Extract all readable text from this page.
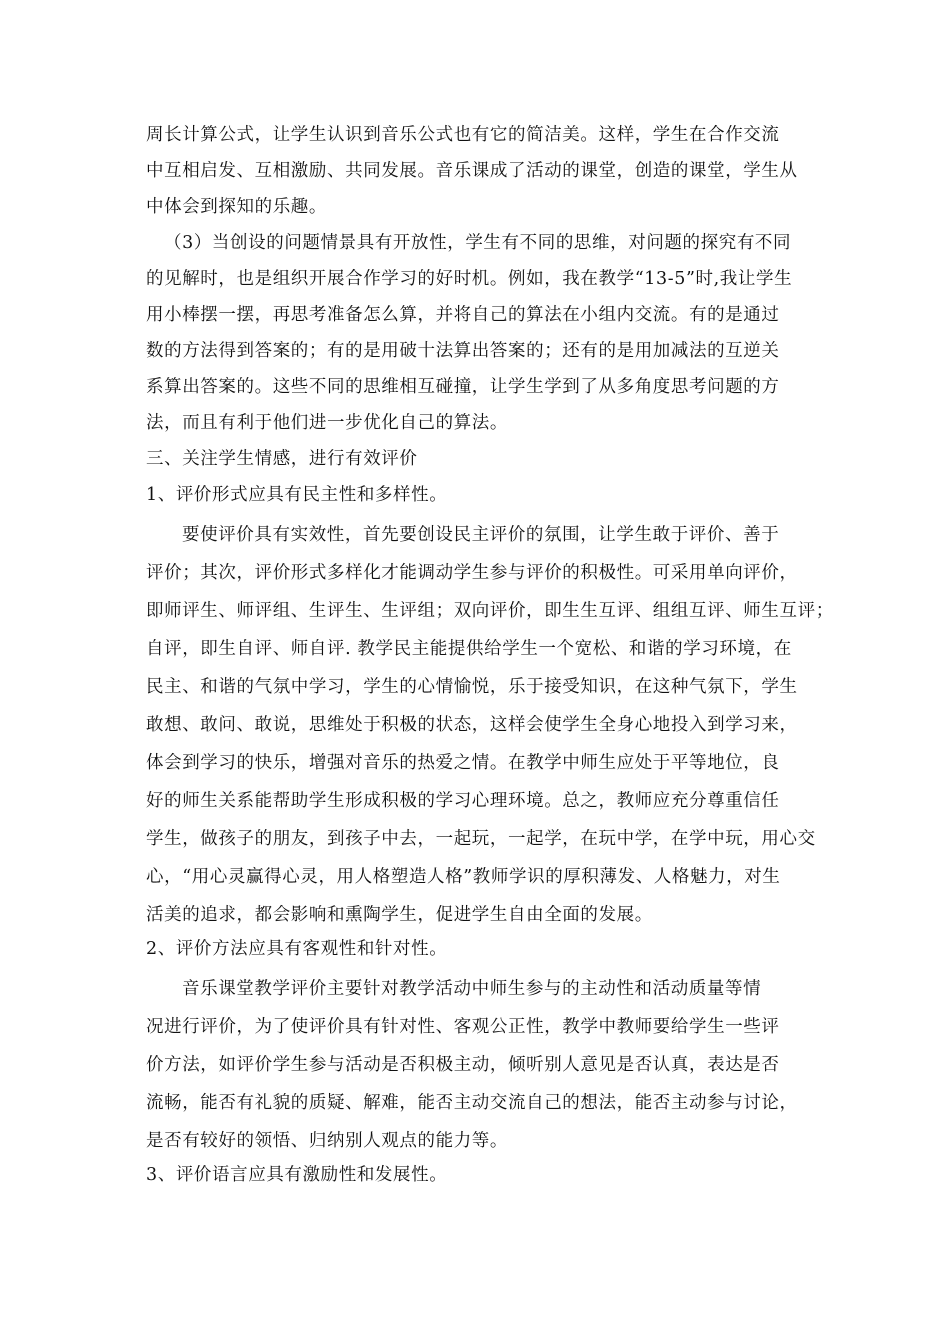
周长计算公式，让学生认识到音乐公式也有它的简洁美。这样，学生在合作交流
中互相启发、互相激励、共同发展。音乐课成了活动的课堂，创造的课堂，学生从
中体会到探知的乐趣。
（3）当创设的问题情景具有开放性，学生有不同的思维，对问题的探究有不同
的见解时，也是组织开展合作学习的好时机。例如，我在教学“13-5”时,我让学生
用小棒摆一摆，再思考准备怎么算，并将自己的算法在小组内交流。有的是通过
数的方法得到答案的；有的是用破十法算出答案的；还有的是用加减法的互逆关
系算出答案的。这些不同的思维相互碰撞，让学生学到了从多角度思考问题的方
法，而且有利于他们进一步优化自己的算法。
三、关注学生情感，进行有效评价
1、评价形式应具有民主性和多样性。
要使评价具有实效性，首先要创设民主评价的氛围，让学生敢于评价、善于
评价；其次，评价形式多样化才能调动学生参与评价的积极性。可采用单向评价，
即师评生、师评组、生评生、生评组；双向评价，即生生互评、组组互评、师生互评；
自评，即生自评、师自评. 教学民主能提供给学生一个宽松、和谐的学习环境，在
民主、和谐的气氛中学习，学生的心情愉悦，乐于接受知识，在这种气氛下，学生
敢想、敢问、敢说，思维处于积极的状态，这样会使学生全身心地投入到学习来，
体会到学习的快乐，增强对音乐的热爱之情。在教学中师生应处于平等地位，良
好的师生关系能帮助学生形成积极的学习心理环境。总之，教师应充分尊重信任
学生，做孩子的朋友，到孩子中去，一起玩，一起学，在玩中学，在学中玩，用心交
心，“用心灵赢得心灵，用人格塑造人格”教师学识的厚积薄发、人格魅力，对生
活美的追求，都会影响和熏陶学生，促进学生自由全面的发展。
2、评价方法应具有客观性和针对性。
音乐课堂教学评价主要针对教学活动中师生参与的主动性和活动质量等情
况进行评价，为了使评价具有针对性、客观公正性，教学中教师要给学生一些评
价方法，如评价学生参与活动是否积极主动，倾听别人意见是否认真，表达是否
流畅，能否有礼貌的质疑、解难，能否主动交流自己的想法，能否主动参与讨论，
是否有较好的领悟、归纳别人观点的能力等。
3、评价语言应具有激励性和发展性。
